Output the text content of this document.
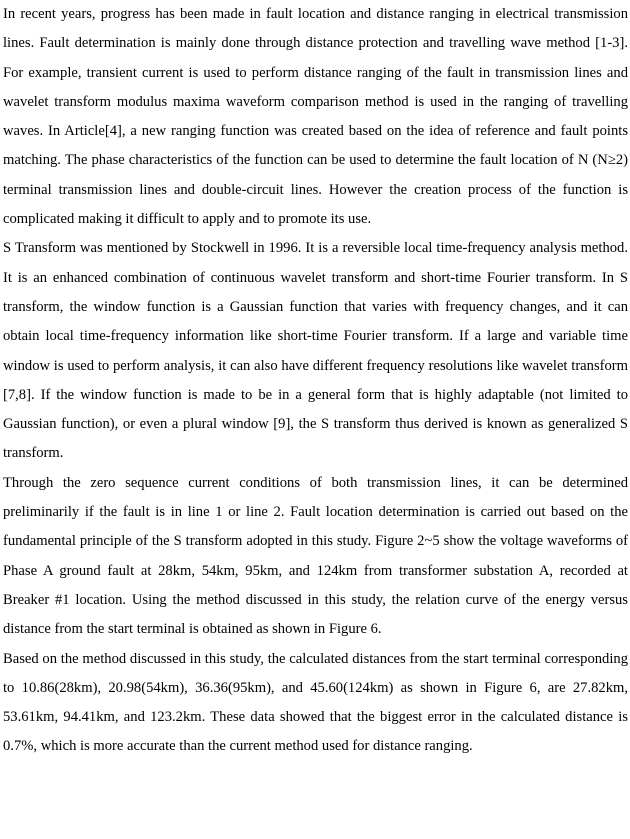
In recent years, progress has been made in fault location and distance ranging in electrical transmission lines. Fault determination is mainly done through distance protection and travelling wave method [1-3]. For example, transient current is used to perform distance ranging of the fault in transmission lines and wavelet transform modulus maxima waveform comparison method is used in the ranging of travelling waves. In Article[4], a new ranging function was created based on the idea of reference and fault points matching. The phase characteristics of the function can be used to determine the fault location of N (N≥2) terminal transmission lines and double-circuit lines. However the creation process of the function is complicated making it difficult to apply and to promote its use.

S Transform was mentioned by Stockwell in 1996. It is a reversible local time-frequency analysis method. It is an enhanced combination of continuous wavelet transform and short-time Fourier transform. In S transform, the window function is a Gaussian function that varies with frequency changes, and it can obtain local time-frequency information like short-time Fourier transform. If a large and variable time window is used to perform analysis, it can also have different frequency resolutions like wavelet transform [7,8]. If the window function is made to be in a general form that is highly adaptable (not limited to Gaussian function), or even a plural window [9], the S transform thus derived is known as generalized S transform.

Through the zero sequence current conditions of both transmission lines, it can be determined preliminarily if the fault is in line 1 or line 2. Fault location determination is carried out based on the fundamental principle of the S transform adopted in this study. Figure 2~5 show the voltage waveforms of Phase A ground fault at 28km, 54km, 95km, and 124km from transformer substation A, recorded at Breaker #1 location. Using the method discussed in this study, the relation curve of the energy versus distance from the start terminal is obtained as shown in Figure 6.

Based on the method discussed in this study, the calculated distances from the start terminal corresponding to 10.86(28km), 20.98(54km), 36.36(95km), and 45.60(124km) as shown in Figure 6, are 27.82km, 53.61km, 94.41km, and 123.2km. These data showed that the biggest error in the calculated distance is 0.7%, which is more accurate than the current method used for distance ranging.
